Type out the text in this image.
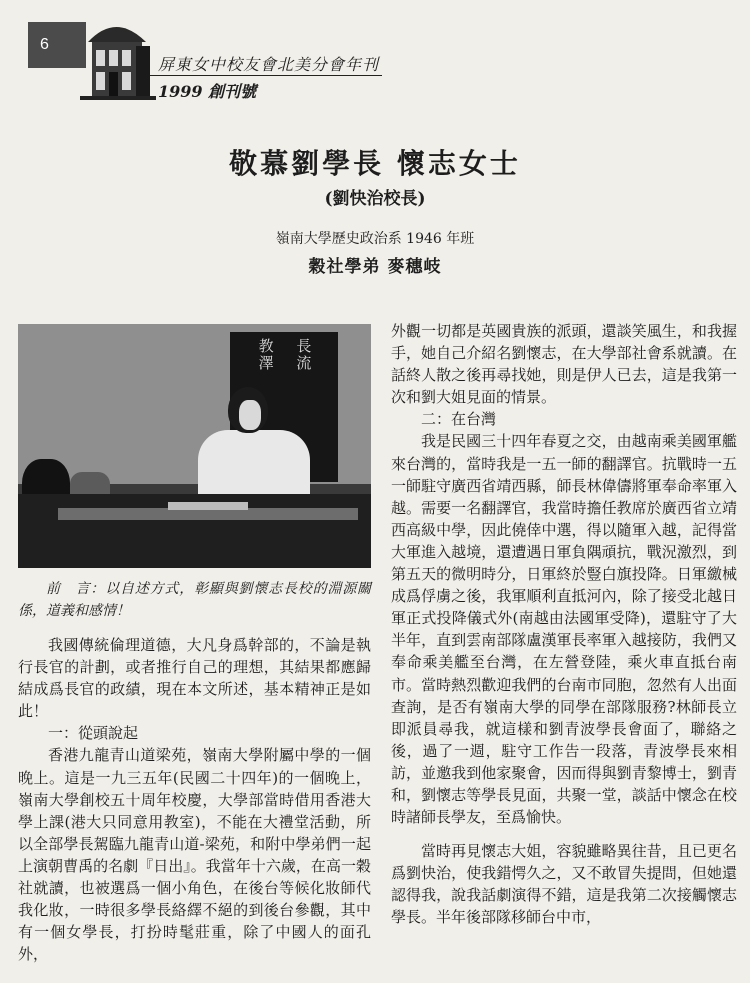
6
屏東女中校友會北美分會年刊
1999 創刊號
敬慕劉學長 懷志女士
(劉快治校長)
嶺南大學歷史政治系 1946 年班
穀社學弟 麥穗岐
教澤 長流

前　言：以自述方式，彰顯與劉懷志長校的淵源關係，道義和感情！

我國傳統倫理道德，大凡身爲幹部的，不論是執行長官的計劃，或者推行自己的理想，其結果都應歸結成爲長官的政績，現在本文所述，基本精神正是如此！

一：從頭說起

香港九龍青山道梁苑，嶺南大學附屬中學的一個晚上。這是一九三五年(民國二十四年)的一個晚上，嶺南大學創校五十周年校慶，大學部當時借用香港大學上課(港大只同意用教室)，不能在大禮堂活動，所以全部學長駕臨九龍青山道-梁苑，和附中學弟們一起上演朝曹禹的名劇『日出』。我當年十六歲，在高一穀社就讀，也被選爲一個小角色，在後台等候化妝師代我化妝，一時很多學長絡繹不絕的到後台參觀，其中有一個女學長，打扮時髦莊重，除了中國人的面孔外，

外觀一切都是英國貴族的派頭，還談笑風生，和我握手，她自己介紹名劉懷志，在大學部社會系就讀。在話終人散之後再尋找她，則是伊人已去，這是我第一次和劉大姐見面的情景。

二：在台灣

我是民國三十四年春夏之交，由越南乘美國軍艦來台灣的，當時我是一五一師的翻譯官。抗戰時一五一師駐守廣西省靖西縣，師長林偉儔將軍奉命率軍入越。需要一名翻譯官，我當時擔任教席於廣西省立靖西高級中學，因此僥倖中選，得以隨軍入越，記得當大軍進入越境，還遭遇日軍負隅頑抗，戰況激烈，到第五天的微明時分，日軍終於豎白旗投降。日軍繳械成爲俘虜之後，我軍順利直抵河內，除了接受北越日軍正式投降儀式外(南越由法國軍受降)，還駐守了大半年，直到雲南部隊盧漢軍長率軍入越接防，我們又奉命乘美艦至台灣，在左營登陸，乘火車直抵台南市。當時熱烈歡迎我們的台南市同胞，忽然有人出面查詢，是否有嶺南大學的同學在部隊服務?林師長立即派員尋我，就這樣和劉青波學長會面了，聯絡之後，過了一週，駐守工作告一段落，青波學長來相訪，並邀我到他家聚會，因而得與劉青黎博士，劉青和，劉懷志等學長見面，共聚一堂，談話中懷念在校時諸師長學友，至爲愉快。

當時再見懷志大姐，容貌雖略異往昔，且已更名爲劉快治，使我錯愕久之，又不敢冒失提問，但她還認得我，說我話劇演得不錯，這是我第二次接觸懷志學長。半年後部隊移師台中市，
